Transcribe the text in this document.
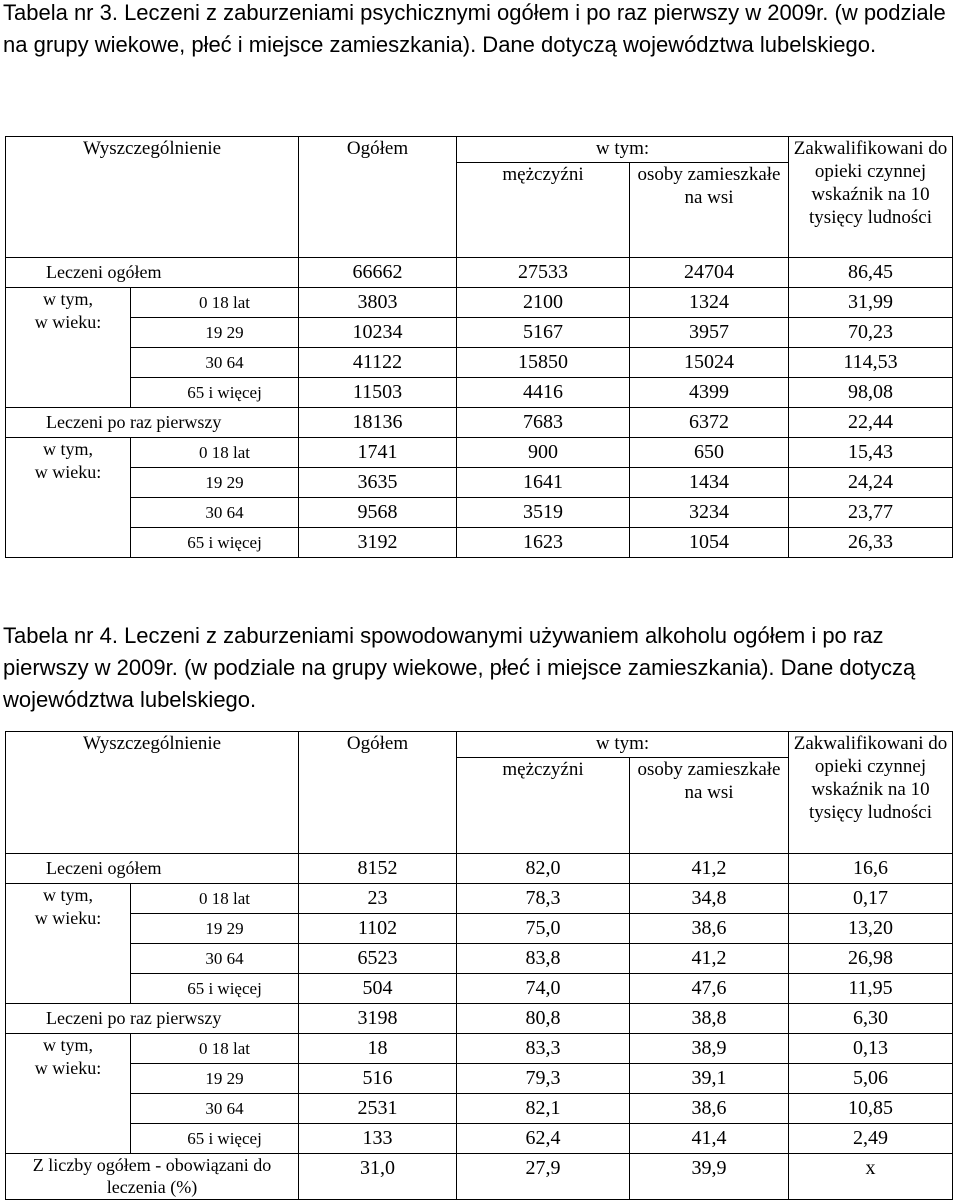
Tabela nr 3. Leczeni z zaburzeniami psychicznymi ogółem i po raz pierwszy w 2009r. (w podziale na grupy wiekowe, płeć i miejsce zamieszkania). Dane dotyczą województwa lubelskiego.

Wyszczególnienie		Ogółem	w tym:		Zakwalifikowani do opieki czynnej wskaźnik na 10 tysięcy ludności
			mężczyźni	osoby zamieszkałe na wsi	
Leczeni ogółem		66662	27533	24704	86,45

w tym,
w wieku:	0 18 lat	3803	2100	1324	31,99
	19 29	10234	5167	3957	70,23
	30 64	41122	15850	15024	114,53
	65 i więcej	11503	4416	4399	98,08
Leczeni po raz pierwszy		18136	7683	6372	22,44

w tym,
w wieku:	0 18 lat	1741	900	650	15,43
	19 29	3635	1641	1434	24,24
	30 64	9568	3519	3234	23,77
	65 i więcej	3192	1623	1054	26,33

Tabela nr 4. Leczeni z zaburzeniami spowodowanymi używaniem alkoholu ogółem i po raz pierwszy w 2009r. (w podziale na grupy wiekowe, płeć i miejsce zamieszkania). Dane dotyczą województwa lubelskiego.

Wyszczególnienie		Ogółem	w tym:		Zakwalifikowani do opieki czynnej wskaźnik na 10 tysięcy ludności
			mężczyźni	osoby zamieszkałe na wsi	
Leczeni ogółem		8152	82,0	41,2	16,6

w tym,
w wieku:	0 18 lat	23	78,3	34,8	0,17
	19 29	1102	75,0	38,6	13,20
	30 64	6523	83,8	41,2	26,98
	65 i więcej	504	74,0	47,6	11,95
Leczeni po raz pierwszy		3198	80,8	38,8	6,30

w tym,
w wieku:	0 18 lat	18	83,3	38,9	0,13
	19 29	516	79,3	39,1	5,06
	30 64	2531	82,1	38,6	10,85
	65 i więcej	133	62,4	41,4	2,49
Z liczby ogółem - obowiązani do leczenia (%)		31,0	27,9	39,9	x
